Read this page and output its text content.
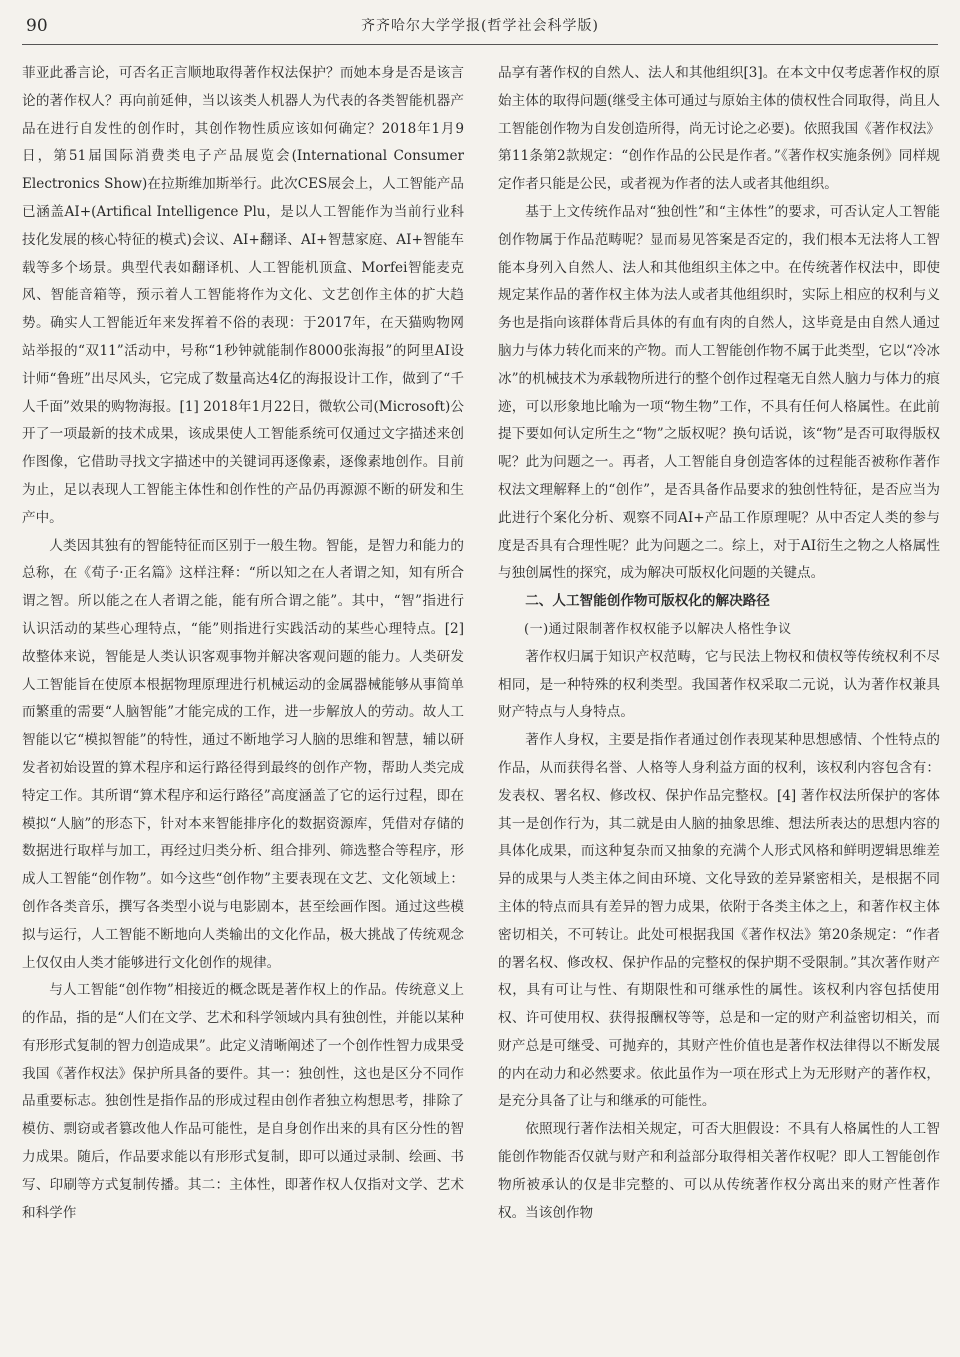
90	齐齐哈尔大学学报(哲学社会科学版)

菲亚此番言论，可否名正言顺地取得著作权法保护？而她本身是否是该言论的著作权人？再向前延伸，当以该类人机器人为代表的各类智能机器产品在进行自发性的创作时，其创作物性质应该如何确定？2018年1月9日，第51届国际消费类电子产品展览会(International Consumer Electronics Show)在拉斯维加斯举行。此次CES展会上，人工智能产品已涵盖AI+(Artifical Intelligence Plu，是以人工智能作为当前行业科技化发展的核心特征的模式)会议、AI+翻译、AI+智慧家庭、AI+智能车载等多个场景。典型代表如翻译机、人工智能机顶盒、Morfei智能麦克风、智能音箱等，预示着人工智能将作为文化、文艺创作主体的扩大趋势。确实人工智能近年来发挥着不俗的表现：于2017年，在天猫购物网站举报的“双11”活动中，号称“1秒钟就能制作8000张海报”的阿里AI设计师“鲁班”出尽风头，它完成了数量高达4亿的海报设计工作，做到了“千人千面”效果的购物海报。[1] 2018年1月22日，微软公司(Microsoft)公开了一项最新的技术成果，该成果使人工智能系统可仅通过文字描述来创作图像，它借助寻找文字描述中的关键词再逐像素，逐像素地创作。目前为止，足以表现人工智能主体性和创作性的产品仍再源源不断的研发和生产中。

人类因其独有的智能特征而区别于一般生物。智能，是智力和能力的总称，在《荀子·正名篇》这样注释：“所以知之在人者谓之知，知有所合谓之智。所以能之在人者谓之能，能有所合谓之能”。其中，“智”指进行认识活动的某些心理特点，“能”则指进行实践活动的某些心理特点。[2] 故整体来说，智能是人类认识客观事物并解决客观问题的能力。人类研发人工智能旨在使原本根据物理原理进行机械运动的金属器械能够从事简单而繁重的需要“人脑智能”才能完成的工作，进一步解放人的劳动。故人工智能以它“模拟智能”的特性，通过不断地学习人脑的思维和智慧，辅以研发者初始设置的算术程序和运行路径得到最终的创作产物，帮助人类完成特定工作。其所谓“算术程序和运行路径”高度涵盖了它的运行过程，即在模拟“人脑”的形态下，针对本来智能排序化的数据资源库，凭借对存储的数据进行取样与加工，再经过归类分析、组合排列、筛选整合等程序，形成人工智能“创作物”。如今这些“创作物”主要表现在文艺、文化领域上：创作各类音乐，撰写各类型小说与电影剧本，甚至绘画作图。通过这些模拟与运行，人工智能不断地向人类输出的文化作品，极大挑战了传统观念上仅仅由人类才能够进行文化创作的规律。

与人工智能“创作物”相接近的概念既是著作权上的作品。传统意义上的作品，指的是“人们在文学、艺术和科学领域内具有独创性，并能以某种有形形式复制的智力创造成果”。此定义清晰阐述了一个创作性智力成果受我国《著作权法》保护所具备的要件。其一：独创性，这也是区分不同作品重要标志。独创性是指作品的形成过程由创作者独立构想思考，排除了模仿、剽窃或者篡改他人作品可能性，是自身创作出来的具有区分性的智力成果。随后，作品要求能以有形形式复制，即可以通过录制、绘画、书写、印刷等方式复制传播。其二：主体性，即著作权人仅指对文学、艺术和科学作

品享有著作权的自然人、法人和其他组织[3]。在本文中仅考虑著作权的原始主体的取得问题(继受主体可通过与原始主体的债权性合同取得，尚且人工智能创作物为自发创造所得，尚无讨论之必要)。依照我国《著作权法》第11条第2款规定：“创作作品的公民是作者。”《著作权实施条例》同样规定作者只能是公民，或者视为作者的法人或者其他组织。

基于上文传统作品对“独创性”和“主体性”的要求，可否认定人工智能创作物属于作品范畴呢？显而易见答案是否定的，我们根本无法将人工智能本身列入自然人、法人和其他组织主体之中。在传统著作权法中，即使规定某作品的著作权主体为法人或者其他组织时，实际上相应的权利与义务也是指向该群体背后具体的有血有肉的自然人，这毕竟是由自然人通过脑力与体力转化而来的产物。而人工智能创作物不属于此类型，它以“冷冰冰”的机械技术为承载物所进行的整个创作过程毫无自然人脑力与体力的痕迹，可以形象地比喻为一项“物生物”工作，不具有任何人格属性。在此前提下要如何认定所生之“物”之版权呢？换句话说，该“物”是否可取得版权呢？此为问题之一。再者，人工智能自身创造客体的过程能否被称作著作权法文理解释上的“创作”，是否具备作品要求的独创性特征，是否应当为此进行个案化分析、观察不同AI+产品工作原理呢？从中否定人类的参与度是否具有合理性呢？此为问题之二。综上，对于AI衍生之物之人格属性与独创属性的探究，成为解决可版权化问题的关键点。

二、人工智能创作物可版权化的解决路径

(一)通过限制著作权权能予以解决人格性争议

著作权归属于知识产权范畴，它与民法上物权和债权等传统权利不尽相同，是一种特殊的权利类型。我国著作权采取二元说，认为著作权兼具财产特点与人身特点。

著作人身权，主要是指作者通过创作表现某种思想感情、个性特点的作品，从而获得名誉、人格等人身利益方面的权利，该权利内容包含有：发表权、署名权、修改权、保护作品完整权。[4] 著作权法所保护的客体其一是创作行为，其二就是由人脑的抽象思维、想法所表达的思想内容的具体化成果，而这种复杂而又抽象的充满个人形式风格和鲜明逻辑思维差异的成果与人类主体之间由环境、文化导致的差异紧密相关，是根据不同主体的特点而具有差异的智力成果，依附于各类主体之上，和著作权主体密切相关，不可转让。此处可根据我国《著作权法》第20条规定：“作者的署名权、修改权、保护作品的完整权的保护期不受限制。”其次著作财产权，具有可让与性、有期限性和可继承性的属性。该权利内容包括使用权、许可使用权、获得报酬权等等，总是和一定的财产利益密切相关，而财产总是可继受、可抛弃的，其财产性价值也是著作权法律得以不断发展的内在动力和必然要求。依此虽作为一项在形式上为无形财产的著作权，是充分具备了让与和继承的可能性。

依照现行著作法相关规定，可否大胆假设：不具有人格属性的人工智能创作物能否仅就与财产和利益部分取得相关著作权呢？即人工智能创作物所被承认的仅是非完整的、可以从传统著作权分离出来的财产性著作权。当该创作物
